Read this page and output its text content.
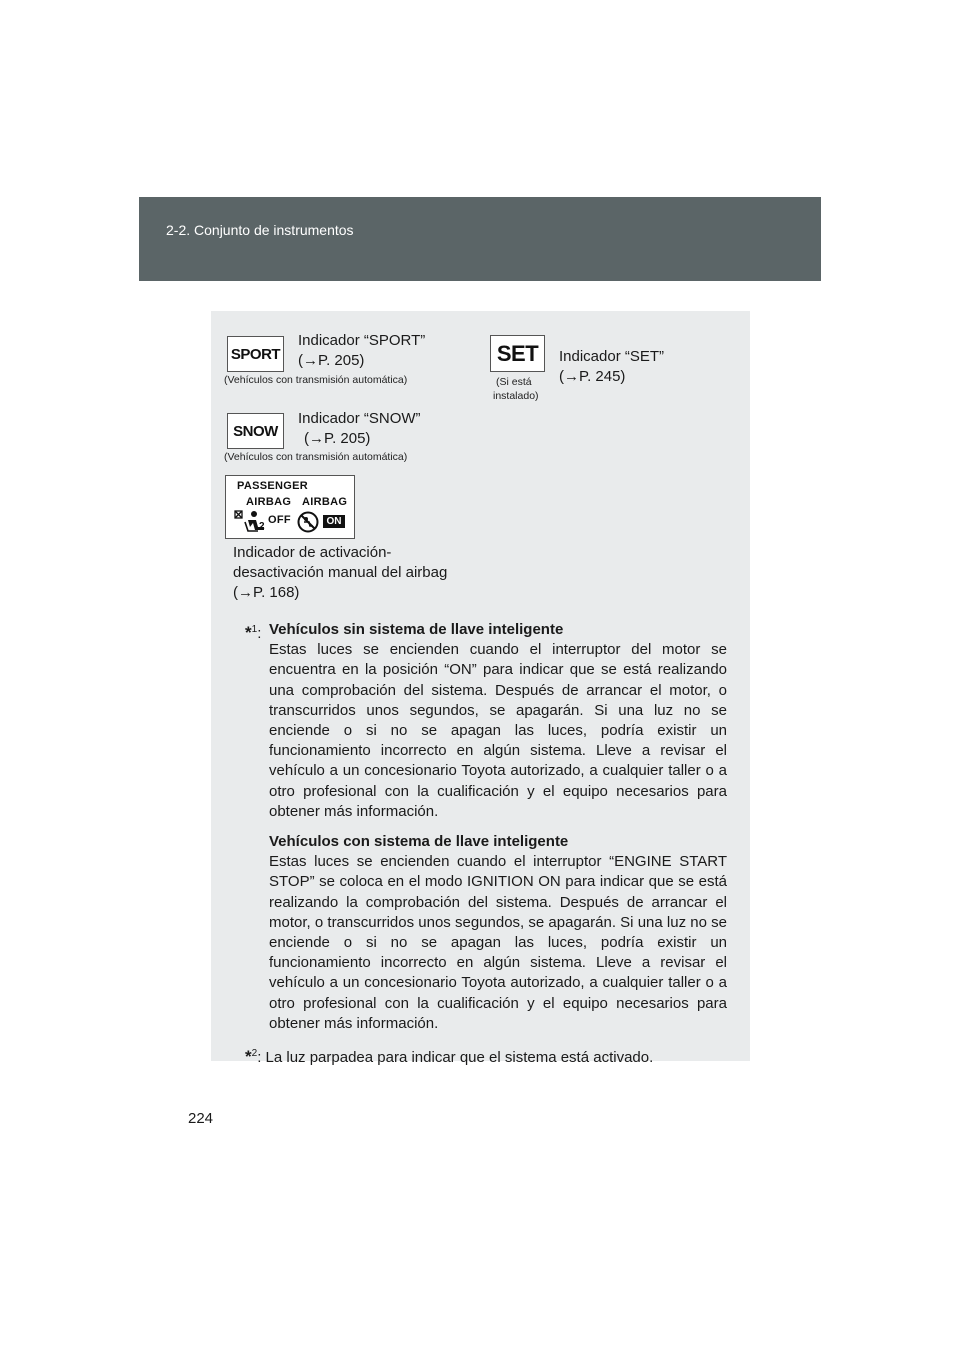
2-2. Conjunto de instrumentos
SPORT
Indicador “SPORT”
(→P. 205)
(Vehículos con transmisión automática)
SET
(Si está
instalado)
Indicador “SET”
(→P. 245)
SNOW
Indicador “SNOW”
(→P. 205)
(Vehículos con transmisión automática)
PASSENGER
AIRBAG AIRBAG
2
OFF	ON
Indicador de activación-
desactivación manual del airbag
(→P. 168)
*$^1$: Vehículos sin sistema de llave inteligente
Estas luces se encienden cuando el interruptor del motor se encuentra en la posición “ON” para indicar que se está realizando una comprobación del sistema. Después de arrancar el motor, o transcurridos unos segundos, se apagarán. Si una luz no se enciende o si no se apagan las luces, podría existir un funcionamiento incorrecto en algún sistema. Lleve a revisar el vehículo a un concesionario Toyota autorizado, a cualquier taller o a otro profesional con la cualificación y el equipo necesarios para obtener más información.
Vehículos con sistema de llave inteligente
Estas luces se encienden cuando el interruptor “ENGINE START STOP” se coloca en el modo IGNITION ON para indicar que se está realizando la comprobación del sistema. Después de arrancar el motor, o transcurridos unos segundos, se apagarán. Si una luz no se enciende o si no se apagan las luces, podría existir un funcionamiento incorrecto en algún sistema. Lleve a revisar el vehículo a un concesionario Toyota autorizado, a cualquier taller o a otro profesional con la cualificación y el equipo necesarios para obtener más información.
*$^2$: La luz parpadea para indicar que el sistema está activado.
224
